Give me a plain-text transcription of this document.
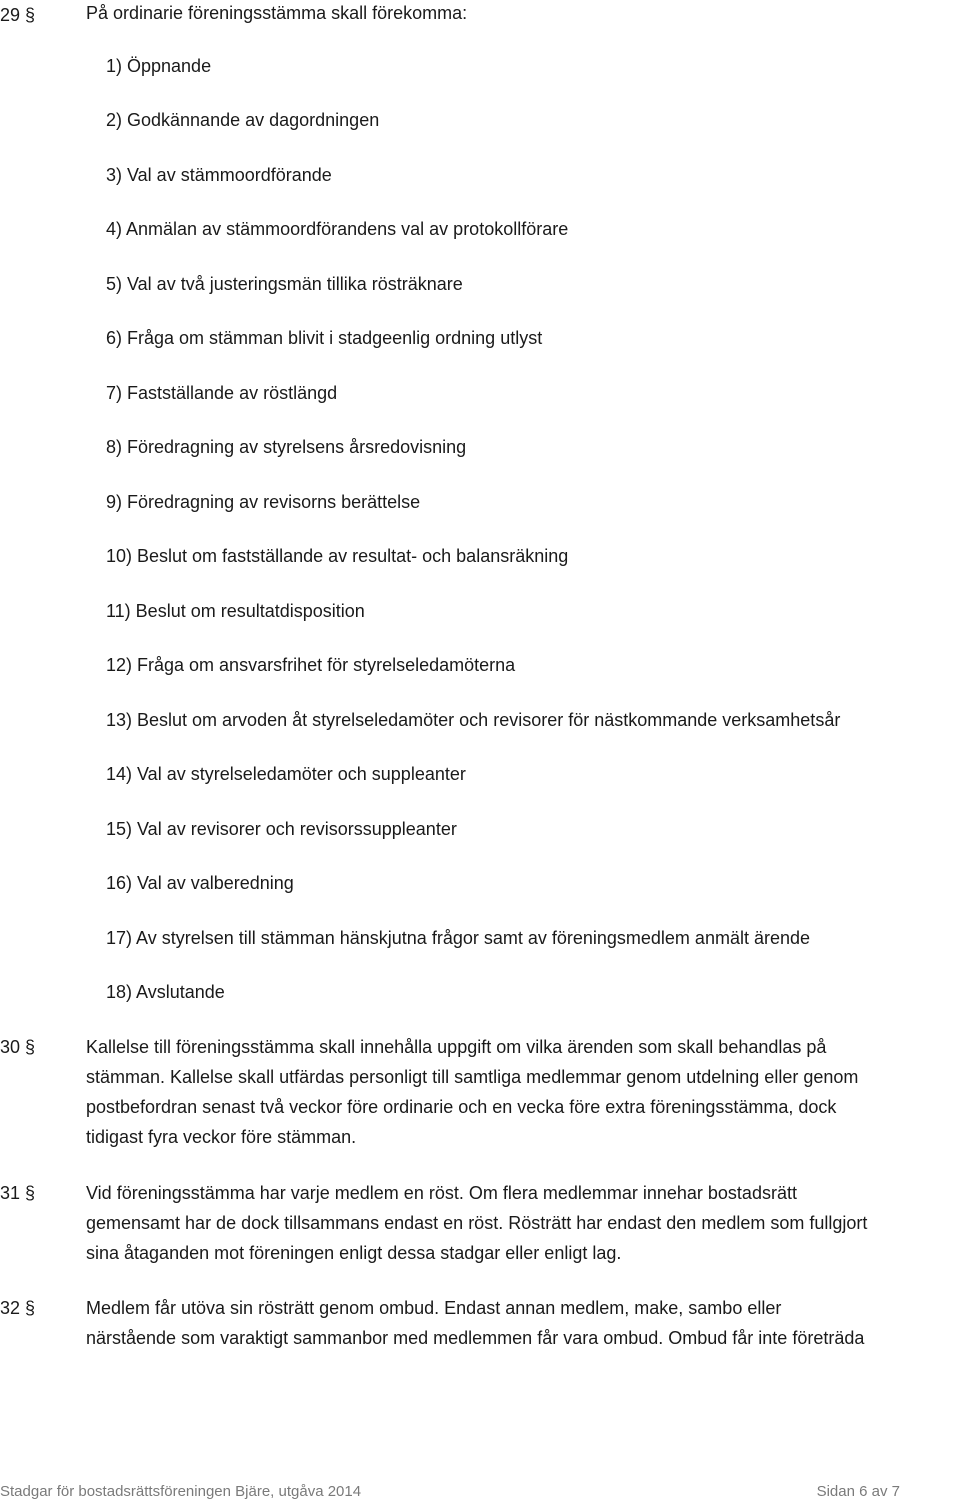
29 §	På ordinarie föreningsstämma skall förekomma:
1) Öppnande
2) Godkännande av dagordningen
3) Val av stämmoordförande
4) Anmälan av stämmoordförandens val av protokollförare
5) Val av två justeringsmän tillika rösträknare
6) Fråga om stämman blivit i stadgeenlig ordning utlyst
7) Fastställande av röstlängd
8) Föredragning av styrelsens årsredovisning
9) Föredragning av revisorns berättelse
10) Beslut om fastställande av resultat- och balansräkning
11) Beslut om resultatdisposition
12) Fråga om ansvarsfrihet för styrelseledamöterna
13) Beslut om arvoden åt styrelseledamöter och revisorer för nästkommande verksamhetsår
14) Val av styrelseledamöter och suppleanter
15) Val av revisorer och revisorssuppleanter
16) Val av valberedning
17) Av styrelsen till stämman hänskjutna frågor samt av föreningsmedlem anmält ärende
18) Avslutande
30 §	Kallelse till föreningsstämma skall innehålla uppgift om vilka ärenden som skall behandlas på
stämman. Kallelse skall utfärdas personligt till samtliga medlemmar genom utdelning eller genom
postbefordran senast två veckor före ordinarie och en vecka före extra föreningsstämma, dock
tidigast fyra veckor före stämman.
31 §	Vid föreningsstämma har varje medlem en röst. Om flera medlemmar innehar bostadsrätt
gemensamt har de dock tillsammans endast en röst. Rösträtt har endast den medlem som fullgjort
sina åtaganden mot föreningen enligt dessa stadgar eller enligt lag.
32 §	Medlem får utöva sin rösträtt genom ombud. Endast annan medlem, make, sambo eller
närstående som varaktigt sammanbor med medlemmen får vara ombud. Ombud får inte företräda
Stadgar för bostadsrättsföreningen Bjäre, utgåva 2014	Sidan 6 av 7
